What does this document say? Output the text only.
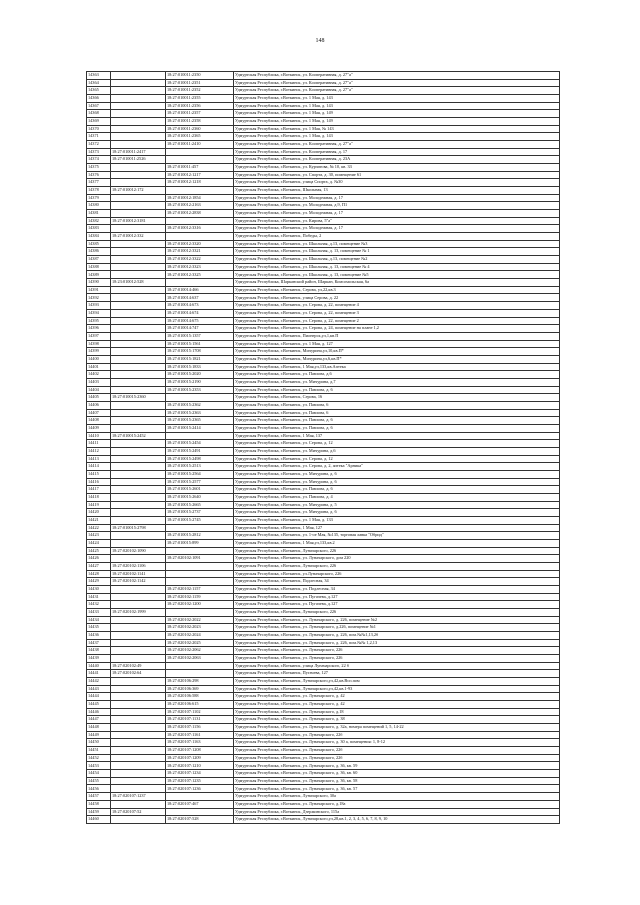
148
14363		18:27:010011:2350	Удмуртская Республика, г.Воткинск, ул. Кооперативная, д. 27"а"
14364		18:27:010011:2351	Удмуртская Республика, г.Воткинск, ул. Кооперативная, д. 27"а"
14365		18:27:010011:2352	Удмуртская Республика, г.Воткинск, ул. Кооперативная, д. 27"а"
14366		18:27:010011:2355	Удмуртская Республика, г.Воткинск, ул. 1 Мая, д. 143
14367		18:27:010011:2356	Удмуртская Республика, г.Воткинск, ул. 1 Мая, д. 143
14368		18:27:010011:2357	Удмуртская Республика, г.Воткинск, ул. 1 Мая, д. 149
14369		18:27:010011:2358	Удмуртская Республика, г.Воткинск, ул. 1 Мая, д. 149
14370		18:27:010011:2360	Удмуртская Республика, г.Воткинск, ул. 1 Мая, № 143
14371		18:27:010011:2365	Удмуртская Республика, г.Воткинск, ул. 1 Мая, д. 143
14372		18:27:010011:2410	Удмуртская Республика, г.Воткинск, ул. Кооперативная, д. 27"а"
14373	18:27:010011:2417		Удмуртская Республика, г.Воткинск, ул. Кооперативная, д. 17
14374	18:27:010011:2526		Удмуртская Республика, г.Воткинск, ул. Кооперативная, д. 23А
14375		18:27:010011:457	Удмуртская Республика, г.Воткинск, ул. Курчатова, № 10, кв. 33
14376		18:27:010012:1217	Удмуртская Республика, г.Воткинск, ул. Спорта, д. 30, помещение 61
14377		18:27:010012:1218	Удмуртская Республика, г.Воткинск, улица Спорта, д. №30
14378	18:27:010012:172		Удмуртская Республика, г.Воткинск, Школьная, 13
14379		18:27:010012:1854	Удмуртская Республика, г.Воткинск, ул. Молодежная, д. 17
14380		18:27:010012:2163	Удмуртская Республика, г.Воткинск, ул. Молодежная, д.9, П1
14381		18:27:010012:2838	Удмуртская Республика, г.Воткинск, ул. Молодежная, д. 17
14382	18:27:010012:3181		Удмуртская Республика, г.Воткинск, ул. Кирова, 5"а"
14383		18:27:010012:3316	Удмуртская Республика, г.Воткинск, ул. Молодежная, д. 17
14384	18:27:010012:332		Удмуртская Республика, г.Воткинск, Победы, 2
14385		18:27:010012:3320	Удмуртская Республика, г.Воткинск, ул. Школьная, д.13, помещение №3
14386		18:27:010012:3321	Удмуртская Республика, г.Воткинск, ул. Школьная, д. 13, помещение № 1
14387		18:27:010012:3322	Удмуртская Республика, г.Воткинск, ул. Школьная, д.13, помещение №2
14388		18:27:010012:3323	Удмуртская Республика, г.Воткинск, ул. Школьная, д. 13, помещение № 4
14389		18:27:010012:3325	Удмуртская Республика, г.Воткинск, ул. Школьная, д. 13, помещение №5
14390	18:23:010012:528		Удмуртская Республика, Шарканский район, Шаркан, Комсомольская, 6а
14391		18:27:010014:466	Удмуртская Республика, г.Воткинск, Серова, ул,22,кв.3
14392		18:27:010014:637	Удмуртская Республика, г.Воткинск, улица Серова, д. 22
14393		18:27:010014:673	Удмуртская Республика, г.Воткинск, ул. Серова, д. 22, помещение 4
14394		18:27:010014:674	Удмуртская Республика, г.Воткинск, ул. Серова, д. 22, помещение 3
14395		18:27:010014:675	Удмуртская Республика, г.Воткинск, ул. Серова, д. 22, помещение 2
14396		18:27:010014:747	Удмуртская Республика, г.Воткинск, ул. Серова, д. 24, помещение на плане 1,2
14397		18:27:010015:1357	Удмуртская Республика, г.Воткинск, Пионерск,ул,1,кв.П
14398		18:27:010015:1561	Удмуртская Республика, г.Воткинск, ул. 1 Мая, д. 127
14399		18:27:010015:1708	Удмуртская Республика, г.Воткинск, Мичурина,ул,10,кв.П*
14400		18:27:010015:1821	Удмуртская Республика, г.Воткинск, Мичурина,ул,6,кв.П*
14401		18:27:010015:1833	Удмуртская Республика, г.Воткинск, 1 Мая,ул,133,кв.Аптека
14402		18:27:010015:2020	Удмуртская Республика, г.Воткинск, ул. Павлова, д.6
14403		18:27:010015:2190	Удмуртская Республика, г.Воткинск, ул. Мичурина, д.7
14404		18:27:010015:2353	Удмуртская Республика, г.Воткинск, ул. Павлова, д. 6
14405	18:27:010015:2360		Удмуртская Республика, г.Воткинск, Серова, 16
14406		18:27:010015:2362	Удмуртская Республика, г.Воткинск, ул. Павлова, 6
14407		18:27:010015:2363	Удмуртская Республика, г.Воткинск, ул. Павлова, 6
14408		18:27:010015:2365	Удмуртская Республика, г.Воткинск, ул. Павлова, д. 6
14409		18:27:010015:2414	Удмуртская Республика, г.Воткинск, ул. Павлова, д. 6
14410	18:27:010015:2452		Удмуртская Республика, г.Воткинск, 1 Мая, 137
14411		18:27:010015:2454	Удмуртская Республика, г.Воткинск, ул. Серова, д. 12
14412		18:27:010015:2491	Удмуртская Республика, г.Воткинск, ул. Мичурина, д.6
14413		18:27:010015:2498	Удмуртская Республика, г.Воткинск, ул. Серова, д. 12
14414		18:27:010015:2513	Удмуртская Республика, г.Воткинск, ул. Серова, д. 2, аптека "Арника"
14415		18:27:010015:2564	Удмуртская Республика, г.Воткинск, ул. Мичурина, д. 6
14416		18:27:010015:2577	Удмуртская Республика, г.Воткинск, ул. Мичурина, д. 6
14417		18:27:010015:2601	Удмуртская Республика, г.Воткинск, ул. Павлова, д. 6
14418		18:27:010015:2640	Удмуртская Республика, г.Воткинск, ул. Павлова, д. 4
14419		18:27:010015:2665	Удмуртская Республика, г.Воткинск, ул. Мичурина, д. 5
14420		18:27:010015:2737	Удмуртская Республика, г.Воткинск, ул. Мичурина, д. 6
14421		18:27:010015:2745	Удмуртская Республика, г.Воткинск, ул. 1 Мая, д. 133
14422	18:27:010015:2798		Удмуртская Республика, г.Воткинск, 1 Мая, 127
14423		18:27:010015:2812	Удмуртская Республика, г.Воткинск, ул. 1-ое Мая, №135, торговая лавка "Обрид"
14424		18:27:010015:899	Удмуртская Республика, г.Воткинск, 1 Мая,ул,133,кв.2
14425	18:27:020102:1090		Удмуртская Республика, г.Воткинск, Луначарского, 226
14426		18:27:020102:1091	Удмуртская Республика, г.Воткинск, ул. Луначарского, дом 220
14427	18:27:020102:1106		Удмуртская Республика, г.Воткинск, Луначарского, 226
14428	18:27:020102:1141		Удмуртская Республика, г.Воткинск, ул.Луначарского, 226
14429	18:27:020102:1142		Удмуртская Республика, г.Воткинск, Подлесная, 34
14430		18:27:020102:1157	Удмуртская Республика, г.Воткинск, ул. Подлесная, 34
14431		18:27:020102:1159	Удмуртская Республика, г.Воткинск, ул. Пугачева, д.127
14432		18:27:020102:1200	Удмуртская Республика, г.Воткинск, ул. Пугачева, д.127
14433	18:27:020102:1999		Удмуртская Республика, г.Воткинск, Луначарского, 226
14434		18:27:020102:2022	Удмуртская Республика, г.Воткинск, ул. Луначарского, д. 226, помещение №2
14435		18:27:020102:2023	Удмуртская Республика, г.Воткинск, ул. Луначарского, д.226, помещение №1
14436		18:27:020102:2024	Удмуртская Республика, г.Воткинск, ул. Луначарского, д. 226, пом.№№1,13,2б
14437		18:27:020102:2025	Удмуртская Республика, г.Воткинск, ул. Луначарского, д. 226, пом.№№ 1,2,13
14438		18:27:020102:2062	Удмуртская Республика, г.Воткинск, ул. Луначарского, 226
14439		18:27:020102:2063	Удмуртская Республика, г.Воткинск, ул. Луначарского, 226
14440	18:27:020102:49		Удмуртская Республика, г.Воткинск, улица Луначарского, 22 б
14441	18:27:020102:64		Удмуртская Республика, г.Воткинск, Пугачева, 127
14442		18:27:020106:298	Удмуртская Республика, г.Воткинск, Луначарского,ул,42,кв.Всп.пом
14443		18:27:020106:369	Удмуртская Республика, г.Воткинск, Луначарского,ул,42,кв.1-93
14444		18:27:020106:588	Удмуртская Республика, г.Воткинск, ул. Луначарского, д. 42
14445		18:27:020106:615	Удмуртская Республика, г.Воткинск, ул. Луначарского, д. 42
14446		18:27:020107:1102	Удмуртская Республика, г.Воткинск, ул. Луначарского, д.18
14447		18:27:020107:1131	Удмуртская Республика, г.Воткинск, ул. Луначарского, д. 38
14448		18:27:020107:1156	Удмуртская Республика, г.Воткинск, ул. Луначарского, д. 32а, номера помещений 1, 5, 14-22
14449		18:27:020107:1161	Удмуртская Республика, г.Воткинск, ул. Луначарского, 22б
14450		18:27:020107:1163	Удмуртская Республика, г.Воткинск, ул. Луначарского, д. 30 а, помещения: 1, 8-12
14451		18:27:020107:1208	Удмуртская Республика, г.Воткинск, ул. Луначарского, 22б
14452		18:27:020107:1209	Удмуртская Республика, г.Воткинск, ул. Луначарского, 22б
14453		18:27:020107:1210	Удмуртская Республика, г.Воткинск, ул. Луначарского, д. 36, кв. 59
14454		18:27:020107:1234	Удмуртская Республика, г.Воткинск, ул. Луначарского, д. 36, кв. 60
14455		18:27:020107:1235	Удмуртская Республика, г.Воткинск, ул. Луначарского, д. 36, кв. 58
14456		18:27:020107:1236	Удмуртская Республика, г.Воткинск, ул. Луначарского, д. 36, кв. 57
14457	18:27:020107:1237		Удмуртская Республика, г.Воткинск, Луначарского, 30а
14458		18:27:020107:467	Удмуртская Республика, г.Воткинск, ул. Луначарского, д.18а
14459	18:27:020107:52		Удмуртская Республика, г.Воткинск, Дзержинского, 115а
14460		18:27:020107:528	Удмуртская Республика, г.Воткинск, Луначарского,ул,28,кв.1, 2, 3, 4, 5, 6, 7, 8, 9, 10
